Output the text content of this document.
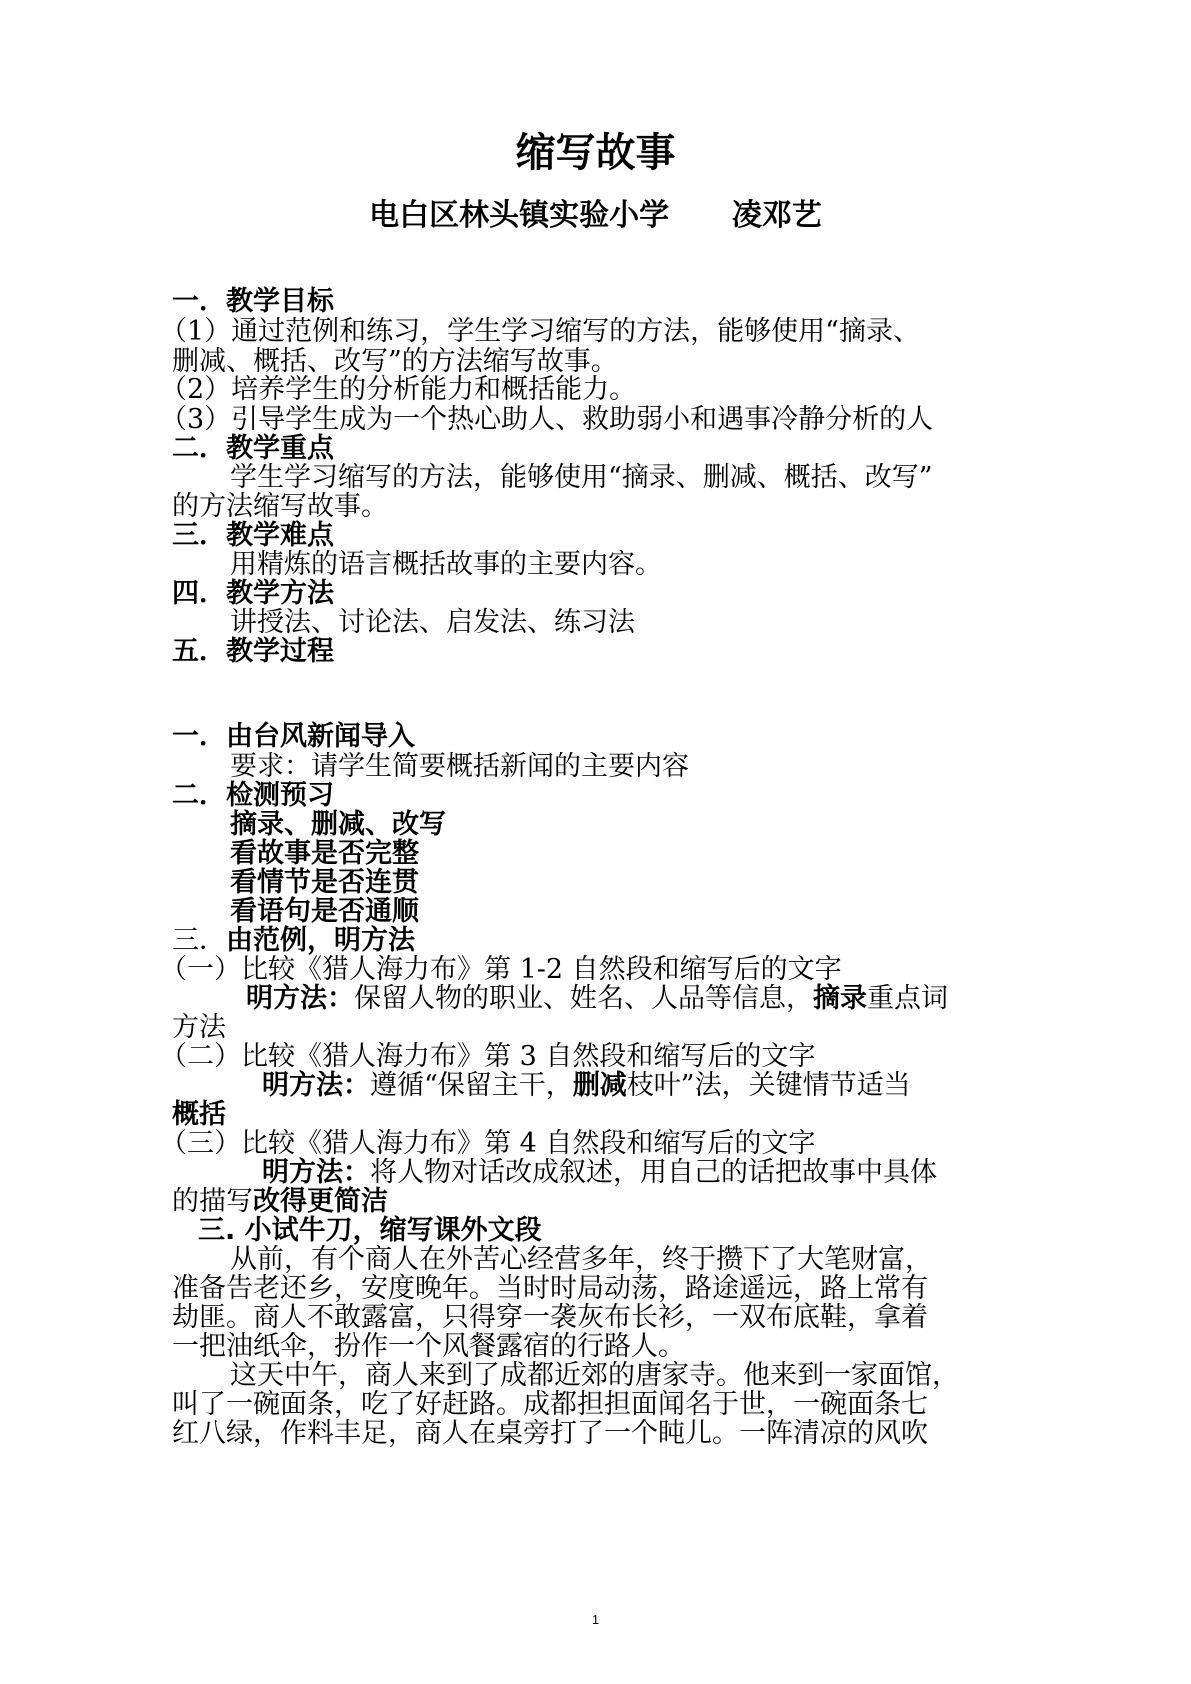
缩写故事
电白区林头镇实验小学      凌邓艺
一．教学目标
（1）通过范例和练习，学生学习缩写的方法，能够使用“摘录、
删减、概括、改写”的方法缩写故事。
（2）培养学生的分析能力和概括能力。
（3）引导学生成为一个热心助人、救助弱小和遇事冷静分析的人
二．教学重点
学生学习缩写的方法，能够使用“摘录、删减、概括、改写”
的方法缩写故事。
三．教学难点
用精炼的语言概括故事的主要内容。
四．教学方法
讲授法、讨论法、启发法、练习法
五．教学过程
一．由台风新闻导入
要求：请学生简要概括新闻的主要内容
二．检测预习
摘录、删减、改写
看故事是否完整
看情节是否连贯
看语句是否通顺
三．由范例，明方法
（一）比较《猎人海力布》第 1-2 自然段和缩写后的文字
明方法：保留人物的职业、姓名、人品等信息，摘录重点词
方法
（二）比较《猎人海力布》第 3 自然段和缩写后的文字
明方法：遵循“保留主干，删减枝叶”法，关键情节适当
概括
（三）比较《猎人海力布》第 4 自然段和缩写后的文字
明方法：将人物对话改成叙述，用自己的话把故事中具体
的描写改得更简洁
三. 小试牛刀，缩写课外文段
从前，有个商人在外苦心经营多年，终于攒下了大笔财富，
准备告老还乡，安度晚年。当时时局动荡，路途遥远，路上常有
劫匪。商人不敢露富，只得穿一袭灰布长衫，一双布底鞋，拿着
一把油纸伞，扮作一个风餐露宿的行路人。
这天中午，商人来到了成都近郊的唐家寺。他来到一家面馆，
叫了一碗面条，吃了好赶路。成都担担面闻名于世，一碗面条七
红八绿，作料丰足，商人在桌旁打了一个盹儿。一阵清凉的风吹
1
